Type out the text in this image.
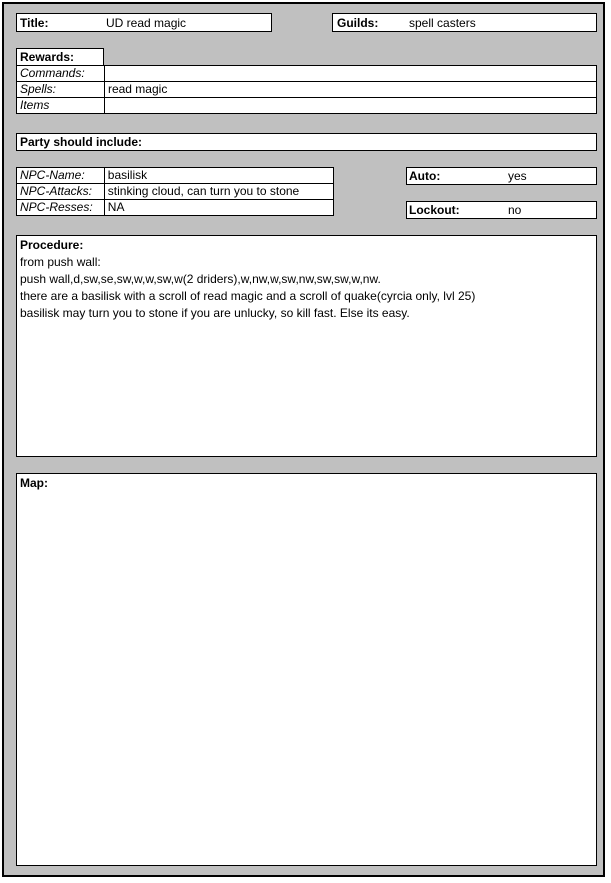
Title:	UD read magic	Guilds:	spell casters
Rewards:
Commands:	
Spells:	read magic
Items	
Party should include:
NPC-Name:	basilisk
NPC-Attacks:	stinking cloud, can turn you to stone
NPC-Resses:	NA
Auto:	yes
Lockout:	no
Procedure:
from push wall:
push wall,d,sw,se,sw,w,w,sw,w(2 driders),w,nw,w,sw,nw,sw,sw,w,nw.
there are a basilisk with a scroll of read magic and a scroll of quake(cyrcia only, lvl 25)
basilisk may turn you to stone if you are unlucky, so kill fast. Else its easy.
Map:
